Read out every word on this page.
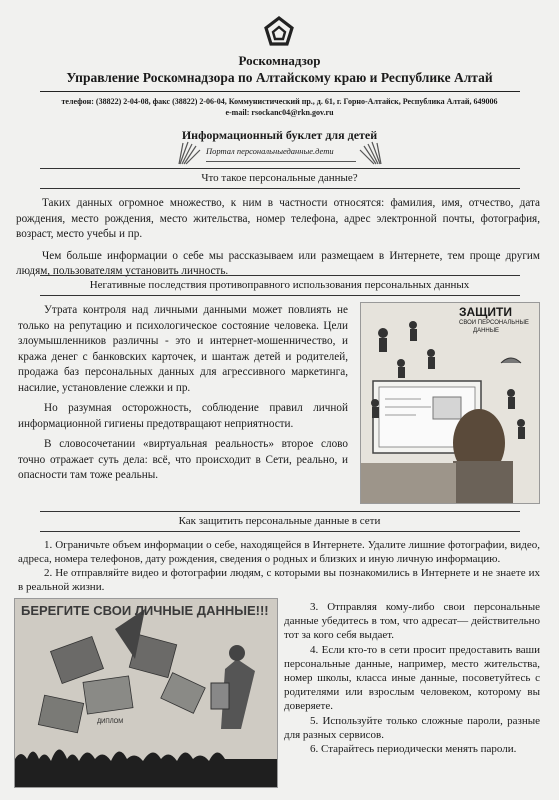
Роскомнадзор
Управление Роскомнадзора по Алтайскому краю и Республике Алтай
телефон: (38822) 2-04-08, факс (38822) 2-06-04, Коммунистический пр., д. 61, г. Горно-Алтайск, Республика Алтай, 649006
e-mail: rsockanc04@rkn.gov.ru
Информационный буклет для детей
Портал персональныеданные.дети
Что такое персональные данные?

Таких данных огромное множество, к ним в частности относятся: фамилия, имя, отчество, дата рождения, место рождения, место жительства, номер телефона, адрес электронной почты, фотография, возраст, место учебы и пр.

Чем больше информации о себе мы рассказываем или размещаем в Интернете, тем проще другим людям, пользователям установить личность.

Негативные последствия противоправного использования персональных данных

Утрата контроля над личными данными может повлиять не только на репутацию и психологическое состояние человека. Цели злоумышленников различны - это и интернет-мошенничество, и кража денег с банковских карточек, и шантаж детей и родителей, продажа баз персональных данных для агрессивного маркетинга, насилие, установление слежки и пр.

Но разумная осторожность, соблюдение правил личной информационной гигиены предотвращают неприятности.

В словосочетании «виртуальная реальность» второе слово точно отражает суть дела: всё, что происходит в Сети, реально, и опасности там тоже реальны.

ЗАЩИТИ
СВОИ ПЕРСОНАЛЬНЫЕ
ДАННЫЕ
Как защитить персональные данные в сети

1. Ограничьте объем информации о себе, находящейся в Интернете. Удалите лишние фотографии, видео, адреса, номера телефонов, дату рождения, сведения о родных и близких и иную личную информацию.

2. Не отправляйте видео и фотографии людям, с которыми вы познакомились в Интернете и не знаете их в реальной жизни.

БЕРЕГИТЕ СВОИ ЛИЧНЫЕ ДАННЫЕ!!!
ДИПЛОМ

3. Отправляя кому-либо свои персональные данные убедитесь в том, что адресат— действительно тот за кого себя выдает.

4. Если кто-то в сети просит предоставить ваши персональные данные, например, место жительства, номер школы, класса иные данные, посоветуйтесь с родителями или взрослым человеком, которому вы доверяете.

5. Используйте только сложные пароли, разные для разных сервисов.

6. Старайтесь периодически менять пароли.
